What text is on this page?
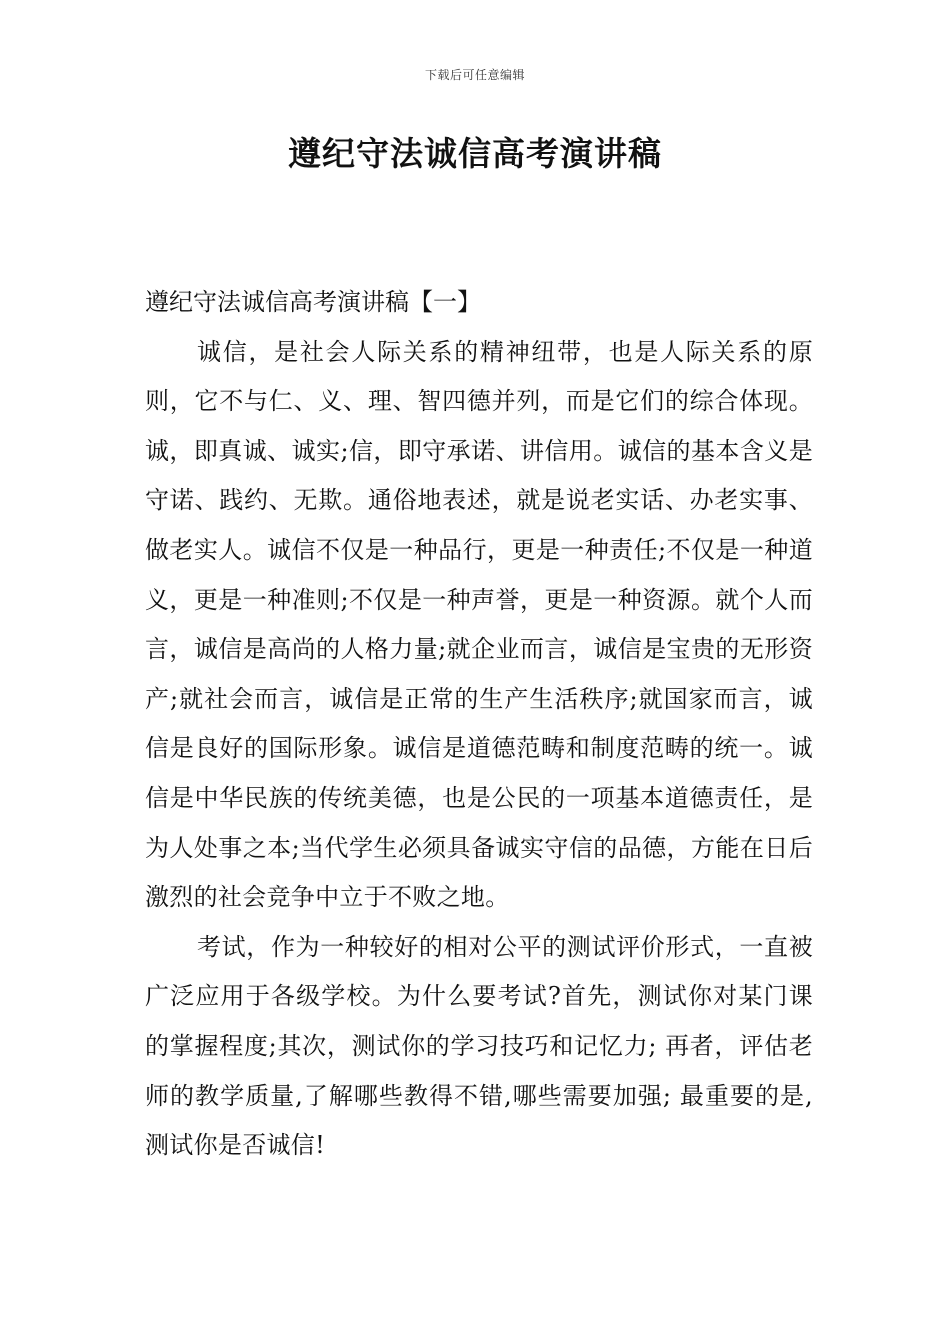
下载后可任意编辑
遵纪守法诚信高考演讲稿

遵纪守法诚信高考演讲稿【一】

诚信，是社会人际关系的精神纽带，也是人际关系的原则，它不与仁、义、理、智四德并列，而是它们的综合体现。诚，即真诚、诚实;信，即守承诺、讲信用。诚信的基本含义是守诺、践约、无欺。通俗地表述，就是说老实话、办老实事、做老实人。诚信不仅是一种品行，更是一种责任;不仅是一种道义，更是一种准则;不仅是一种声誉，更是一种资源。就个人而言，诚信是高尚的人格力量;就企业而言，诚信是宝贵的无形资产;就社会而言，诚信是正常的生产生活秩序;就国家而言，诚信是良好的国际形象。诚信是道德范畴和制度范畴的统一。诚信是中华民族的传统美德，也是公民的一项基本道德责任，是为人处事之本;当代学生必须具备诚实守信的品德，方能在日后激烈的社会竞争中立于不败之地。

考试，作为一种较好的相对公平的测试评价形式，一直被广泛应用于各级学校。为什么要考试?首先，测试你对某门课的掌握程度;其次，测试你的学习技巧和记忆力; 再者，评估老师的教学质量,了解哪些教得不错,哪些需要加强; 最重要的是,测试你是否诚信!
